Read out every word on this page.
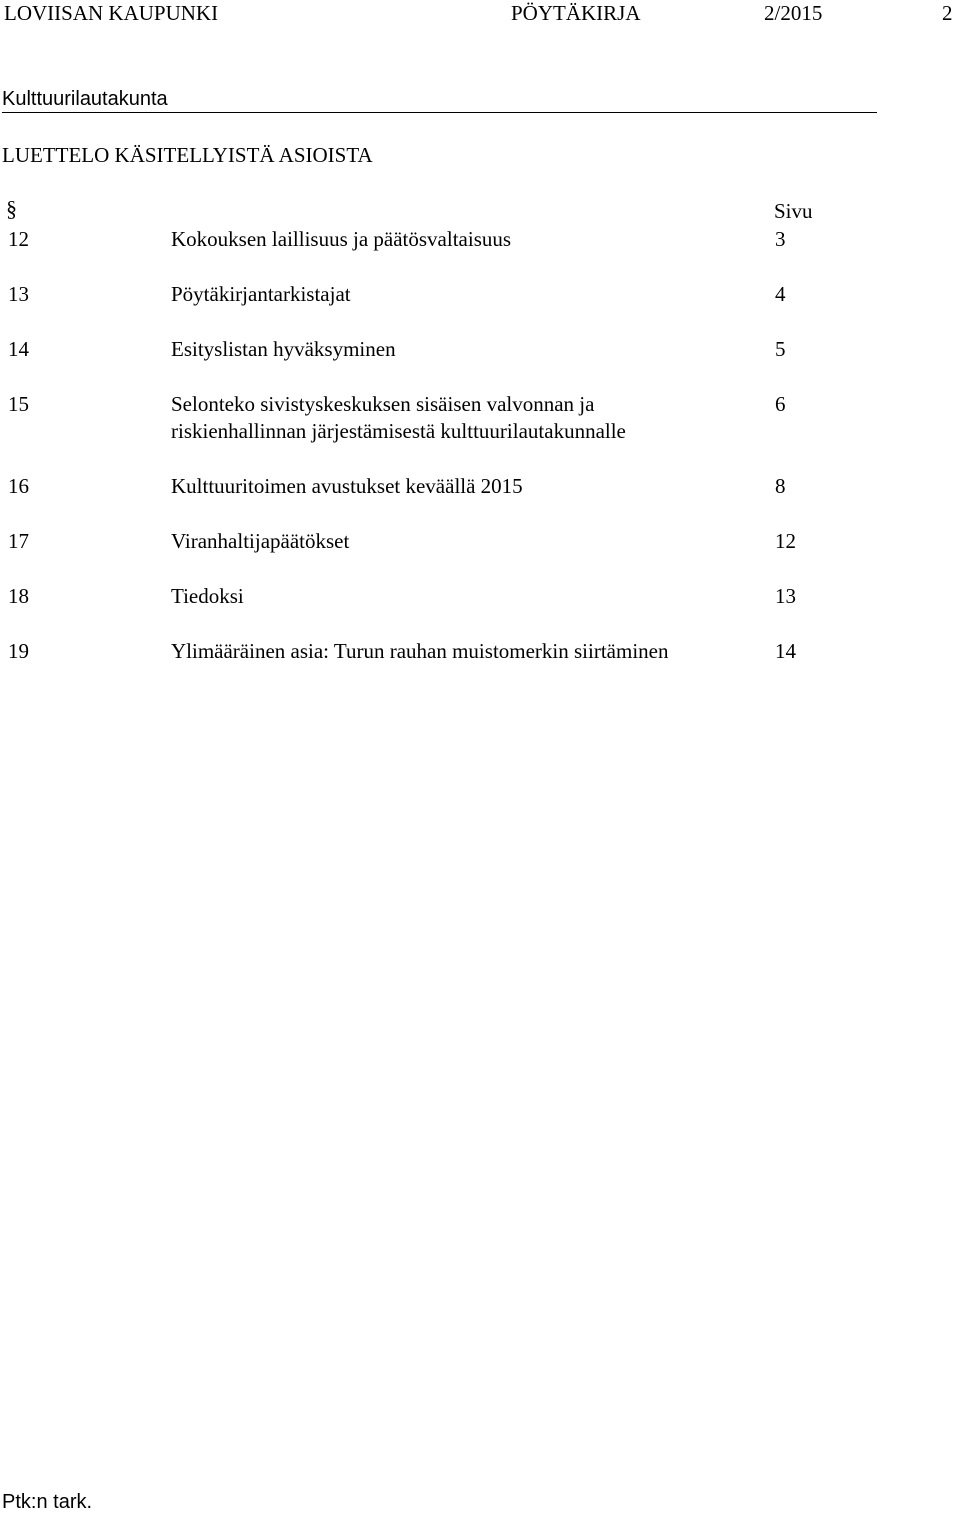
LOVIISAN KAUPUNKI	PÖYTÄKIRJA	2/2015	2
Kulttuurilautakunta
LUETTELO KÄSITELLYISTÄ ASIOISTA
§	Sivu
12	Kokouksen laillisuus ja päätösvaltaisuus	3
13	Pöytäkirjantarkistajat	4
14	Esityslistan hyväksyminen	5
15	Selonteko sivistyskeskuksen sisäisen valvonnan ja	6
riskienhallinnan järjestämisestä kulttuurilautakunnalle
16	Kulttuuritoimen avustukset keväällä 2015	8
17	Viranhaltijapäätökset	12
18	Tiedoksi	13
19	Ylimääräinen asia: Turun rauhan muistomerkin siirtäminen	14
Ptk:n tark.
